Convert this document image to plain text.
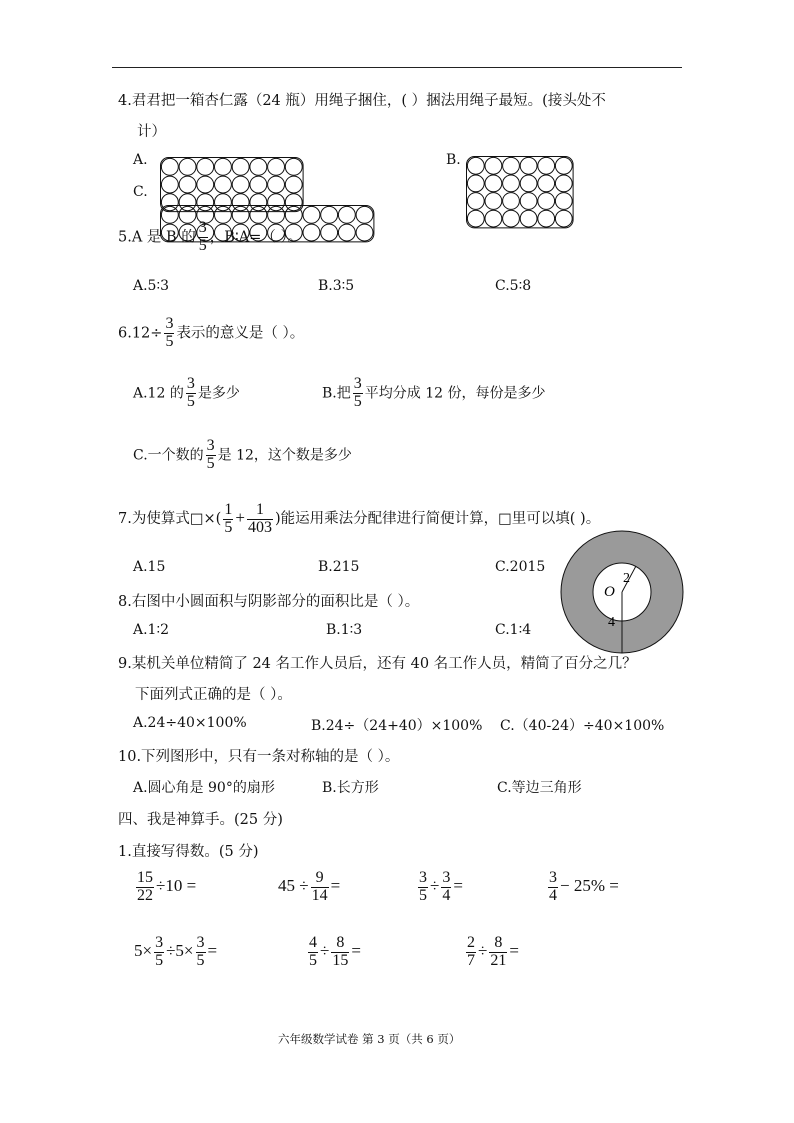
4.君君把一箱杏仁露（24 瓶）用绳子捆住，( ）捆法用绳子最短。(接头处不
计）
A.
C.
B.
5.A 是 B 的 $\frac{3}{5}$ ，B∶A=（ ）。
A.5∶3	B.3∶5	C.5∶8
$6.12\div \frac{3}{5}$ 表示的意义是（ ）。
A.12 的 $\frac{3}{5}$ 是多少	B.把 $\frac{3}{5}$ 平均分成 12 份，每份是多少
C.一个数的 $\frac{3}{5}$ 是 12，这个数是多少
7.为使算式□×( $\frac{1}{5} + \frac{1}{403}$ )能运用乘法分配律进行简便计算，□里可以填( )。
A.15	B.215	C.2015
O
2
4
8.右图中小圆面积与阴影部分的面积比是（ ）。
A.1∶2	B.1∶3	C.1∶4
9.某机关单位精简了 24 名工作人员后，还有 40 名工作人员，精简了百分之几？
下面列式正确的是（ ）。
A.24÷40×100%	B.24÷（24+40）×100% C.（40-24）÷40×100%
10.下列图形中，只有一条对称轴的是（ ）。
A.圆心角是 90°的扇形	B.长方形	C.等边三角形
四、我是神算手。(25 分)
1.直接写得数。(5 分)
$\frac{15}{22} \div 10$ =	$45 \div \frac{9}{14}$ =	$\frac{3}{5} \div \frac{3}{4}$ =	$\frac{3}{4} - 25\%$ =
$5\times \frac{3}{5} \div 5\times \frac{3}{5}$ =	$\frac{4}{5} \div \frac{8}{15}$ =	$\frac{2}{7} \div \frac{8}{21}$ =
六年级数学试卷 第 3 页（共 6 页）
